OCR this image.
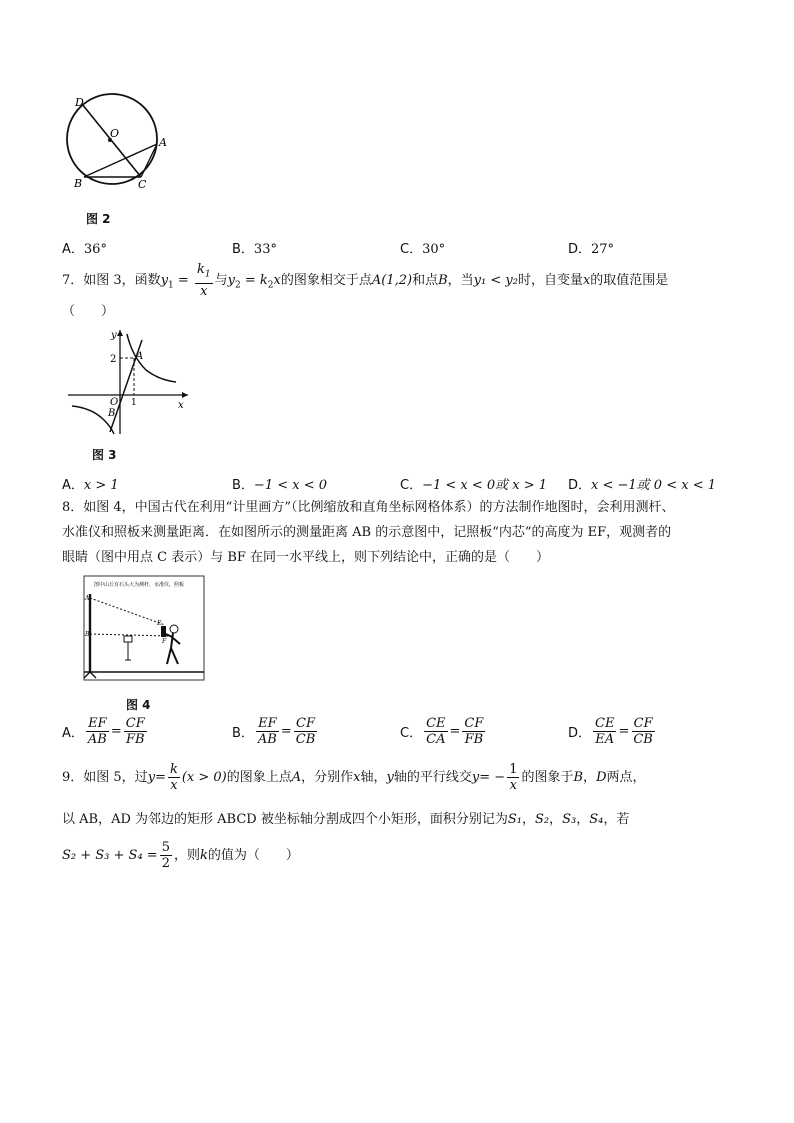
D
O
A
B	C
图 2
A．36°	B．33°	C．30°	D．27°
7．如图 3，函数$y_1 = \frac{k_1}{x}$ 与$y_2 = k_2x$的图象相交于点A(1,2)和点B，当y₁ < y₂时，自变量x的取值范围是
（　　）
y
x
2
1
O
A
B
图 3
A．x > 1	B．−1 < x < 0	C．−1 < x < 0或 x > 1 D．x < −1或 0 < x < 1
8．如图 4，中国古代在利用“计里画方”（比例缩放和直角坐标网格体系）的方法制作地图时，会利用测杆、
水准仪和照板来测量距离．在如图所示的测量距离 AB 的示意图中，记照板“内芯”的高度为 EF，观测者的
眼睛（图中用点 C 表示）与 BF 在同一水平线上，则下列结论中，正确的是（　　）
图中山丘有石头大为测杆，水准仪，照板
A
B
E
F
图 4
A． $\frac{EF}{AB} = \frac{CF}{FB}$	B． $\frac{EF}{AB} = \frac{CF}{CB}$	C． $\frac{CE}{CA} = \frac{CF}{FB}$	D． $\frac{CE}{EA} = \frac{CF}{CB}$
9． 如图 5，过 $y = \frac{k}{x} (x > 0)$ 的图象上点 A ，分别作 x 轴， y 轴的平行线交 y = − $\frac{1}{x}$ 的图象于 B ， D 两点，
以 AB，AD 为邻边的矩形 ABCD 被坐标轴分割成四个小矩形，面积分别记为S₁，S₂，S₃，S₄，若
$S_2 + S_3 + S_4 = \frac{5}{2}$ ，则 k 的值为（　　）
